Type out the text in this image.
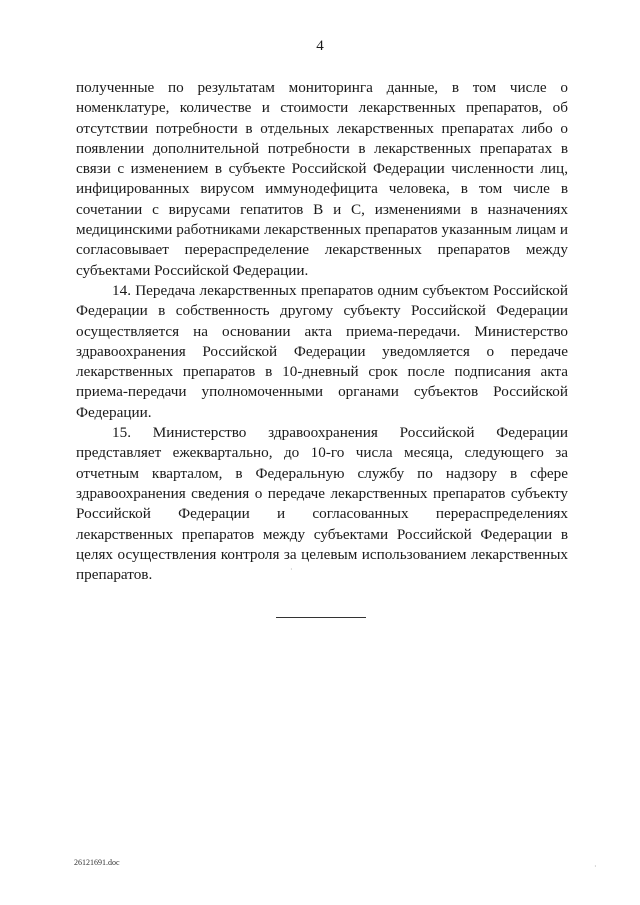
4

полученные по результатам мониторинга данные, в том числе о номенклатуре, количестве и стоимости лекарственных препаратов, об отсутствии потребности в отдельных лекарственных препаратах либо о появлении дополнительной потребности в лекарственных препаратах в связи с изменением в субъекте Российской Федерации численности лиц, инфицированных вирусом иммунодефицита человека, в том числе в сочетании с вирусами гепатитов В и С, изменениями в назначениях медицинскими работниками лекарственных препаратов указанным лицам и согласовывает перераспределение лекарственных препаратов между субъектами Российской Федерации.

14. Передача лекарственных препаратов одним субъектом Российской Федерации в собственность другому субъекту Российской Федерации осуществляется на основании акта приема-передачи. Министерство здравоохранения Российской Федерации уведомляется о передаче лекарственных препаратов в 10-дневный срок после подписания акта приема-передачи уполномоченными органами субъектов Российской Федерации.

15. Министерство здравоохранения Российской Федерации представляет ежеквартально, до 10-го числа месяца, следующего за отчетным кварталом, в Федеральную службу по надзору в сфере здравоохранения сведения о передаче лекарственных препаратов субъекту Российской Федерации и согласованных перераспределениях лекарственных препаратов между субъектами Российской Федерации в целях осуществления контроля за целевым использованием лекарственных препаратов.

26121691.doc
·
·
